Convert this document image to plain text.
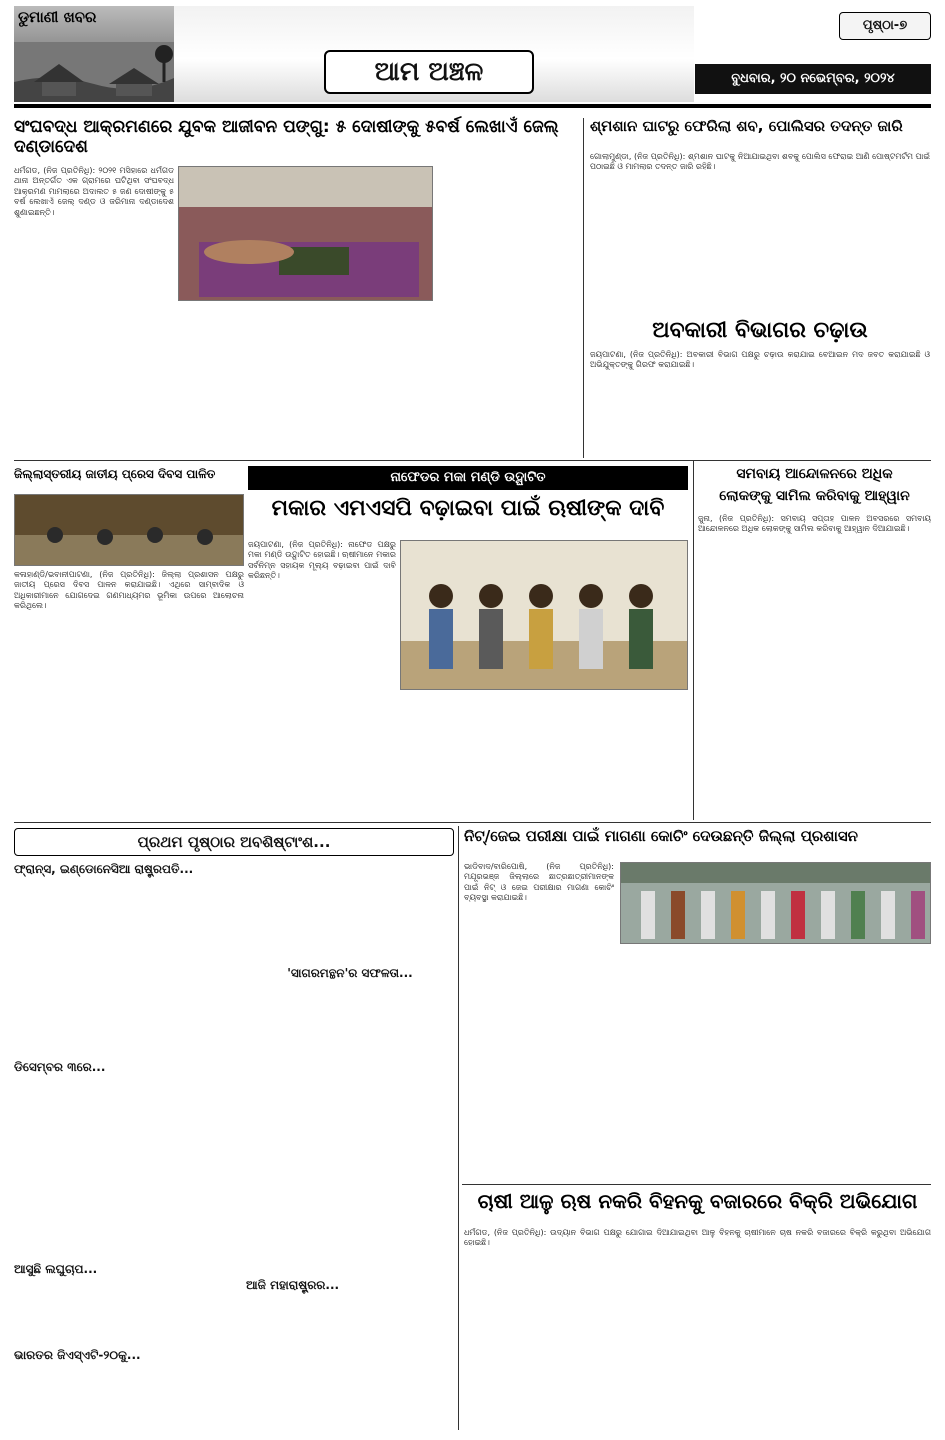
ଡୁମାଣୀ ଖବର
ଆମ ଅଞ୍ଚଳ
ପୃଷ୍ଠା-୭
ବୁଧବାର, ୨୦ ନଭେମ୍ବର, ୨୦୨୪
ସଂଘବଦ୍ଧ ଆକ୍ରମଣରେ ଯୁବକ ଆଜୀବନ ପଙ୍ଗୁ: ୫ ଦୋଷୀଙ୍କୁ ୫ବର୍ଷ ଲେଖାଏଁ ଜେଲ୍ ଦଣ୍ଡାଦେଶ
ଧର୍ମଗଡ, (ନିଜ ପ୍ରତିନିଧି): ୨୦୨୧ ମସିହାରେ ଧର୍ମଗଡ ଥାନା ଅନ୍ତର୍ଗତ ଏକ ଗ୍ରାମରେ ଘଟିଥିବା ସଂଘବଦ୍ଧ ଆକ୍ରମଣ ମାମଲାରେ ଅଦାଲତ ୫ ଜଣ ଦୋଷୀଙ୍କୁ ୫ ବର୍ଷ ଲେଖାଏଁ ଜେଲ୍ ଦଣ୍ଡ ଓ ଜରିମାନା ଦଣ୍ଡାଦେଶ ଶୁଣାଇଛନ୍ତି।
ଶ୍ମଶାନ ଘାଟରୁ ଫେରିଲା ଶବ, ପୋଲିସର ତଦନ୍ତ ଜାରି
ଗୋଲାମୁଣ୍ଡା, (ନିଜ ପ୍ରତିନିଧି): ଶ୍ମଶାନ ଘାଟକୁ ନିଆଯାଇଥିବା ଶବକୁ ପୋଲିସ ଫେରାଇ ଆଣି ପୋଷ୍ଟମର୍ଟମ ପାଇଁ ପଠାଇଛି ଓ ମାମଲାର ତଦନ୍ତ ଜାରି ରହିଛି।
ଅବକାରୀ ବିଭାଗର ଚଢ଼ାଉ
ଜୟପାଟଣା, (ନିଜ ପ୍ରତିନିଧି): ଅବକାରୀ ବିଭାଗ ପକ୍ଷରୁ ଚଢ଼ାଉ କରାଯାଇ ବେଆଇନ ମଦ ଜବତ କରାଯାଇଛି ଓ ଅଭିଯୁକ୍ତଙ୍କୁ ଗିରଫ କରାଯାଇଛି।
ଜିଲ୍ଲାସ୍ତରୀୟ ଜାତୀୟ ପ୍ରେସ ଦିବସ ପାଳିତ
କଳାହାଣ୍ଡି/ଭବାନୀପାଟଣା, (ନିଜ ପ୍ରତିନିଧି): ଜିଲ୍ଲା ପ୍ରଶାସନ ପକ୍ଷରୁ ଜାତୀୟ ପ୍ରେସ ଦିବସ ପାଳନ କରାଯାଇଛି। ଏଥିରେ ସାମ୍ବାଦିକ ଓ ଅଧିକାରୀମାନେ ଯୋଗଦେଇ ଗଣମାଧ୍ୟମର ଭୂମିକା ଉପରେ ଆଲୋଚନା କରିଥିଲେ।
ନାଫେଡର ମକା ମଣ୍ଡି ଉଦ୍ଘାଟିତ
ମକାର ଏମଏସପି ବଢ଼ାଇବା ପାଇଁ ଋଷୀଙ୍କ ଦାବି
ଜୟପାଟଣା, (ନିଜ ପ୍ରତିନିଧି): ନାଫେଡ ପକ୍ଷରୁ ମକା ମଣ୍ଡି ଉଦ୍ଘାଟିତ ହୋଇଛି। ଋଷୀମାନେ ମକାର ସର୍ବନିମ୍ନ ସହାୟକ ମୂଲ୍ୟ ବଢ଼ାଇବା ପାଇଁ ଦାବି କରିଛନ୍ତି।
ସମବାୟ ଆନ୍ଦୋଳନରେ ଅଧିକ
ଲୋକଙ୍କୁ ସାମିଲ କରିବାକୁ ଆହ୍ୱାନ
ଜୁନା, (ନିଜ ପ୍ରତିନିଧି): ସମବାୟ ସପ୍ତାହ ପାଳନ ଅବସରରେ ସମବାୟ ଆନ୍ଦୋଳନରେ ଅଧିକ ଲୋକଙ୍କୁ ସାମିଲ କରିବାକୁ ଆହ୍ୱାନ ଦିଆଯାଇଛି।
ପ୍ରଥମ ପୃଷ୍ଠାର ଅବଶିଷ୍ଟାଂଶ...
ଫ୍ରାନ୍ସ, ଇଣ୍ଡୋନେସିଆ ରାଷ୍ଟ୍ରପତି...
ଡିସେମ୍ବର ୩ରେ...
ଆସୁଛି ଲଘୁଚାପ...
ଭାରତର ଜିଏସ୍ଏଟି-୨୦କୁ...
'ସାଗରମନ୍ଥନ'ର ସଫଳତା...
ଆଜି ମହାରାଷ୍ଟ୍ରର...
ନିଟ୍/ଜେଇ ପରୀକ୍ଷା ପାଇଁ ମାଗଣା କୋଚିଂ ଦେଉଛନ୍ତି ଜିଲ୍ଲା ପ୍ରଶାସନ
ଭାଡିବାଦ/ବାରିପୋଷି, (ନିଜ ପ୍ରତିନିଧି): ମଯୂରଭଞ୍ଜ ଜିଲ୍ଲାରେ ଛାତ୍ରଛାତ୍ରୀମାନଙ୍କ ପାଇଁ ନିଟ୍ ଓ ଜେଇ ପରୀକ୍ଷାର ମାଗଣା କୋଚିଂ ବ୍ୟବସ୍ଥା କରାଯାଇଛି।
ଚାଷୀ ଆଳୁ ଋଷ ନକରି ବିହନକୁ ବଜାରରେ ବିକ୍ରି ଅଭିଯୋଗ
ଧର୍ମଗଡ, (ନିଜ ପ୍ରତିନିଧି): ଉଦ୍ୟାନ ବିଭାଗ ପକ୍ଷରୁ ଯୋଗାଇ ଦିଆଯାଇଥିବା ଆଳୁ ବିହନକୁ ଚାଷୀମାନେ ଚାଷ ନକରି ବଜାରରେ ବିକ୍ରି କରୁଥିବା ଅଭିଯୋଗ ହୋଇଛି।
